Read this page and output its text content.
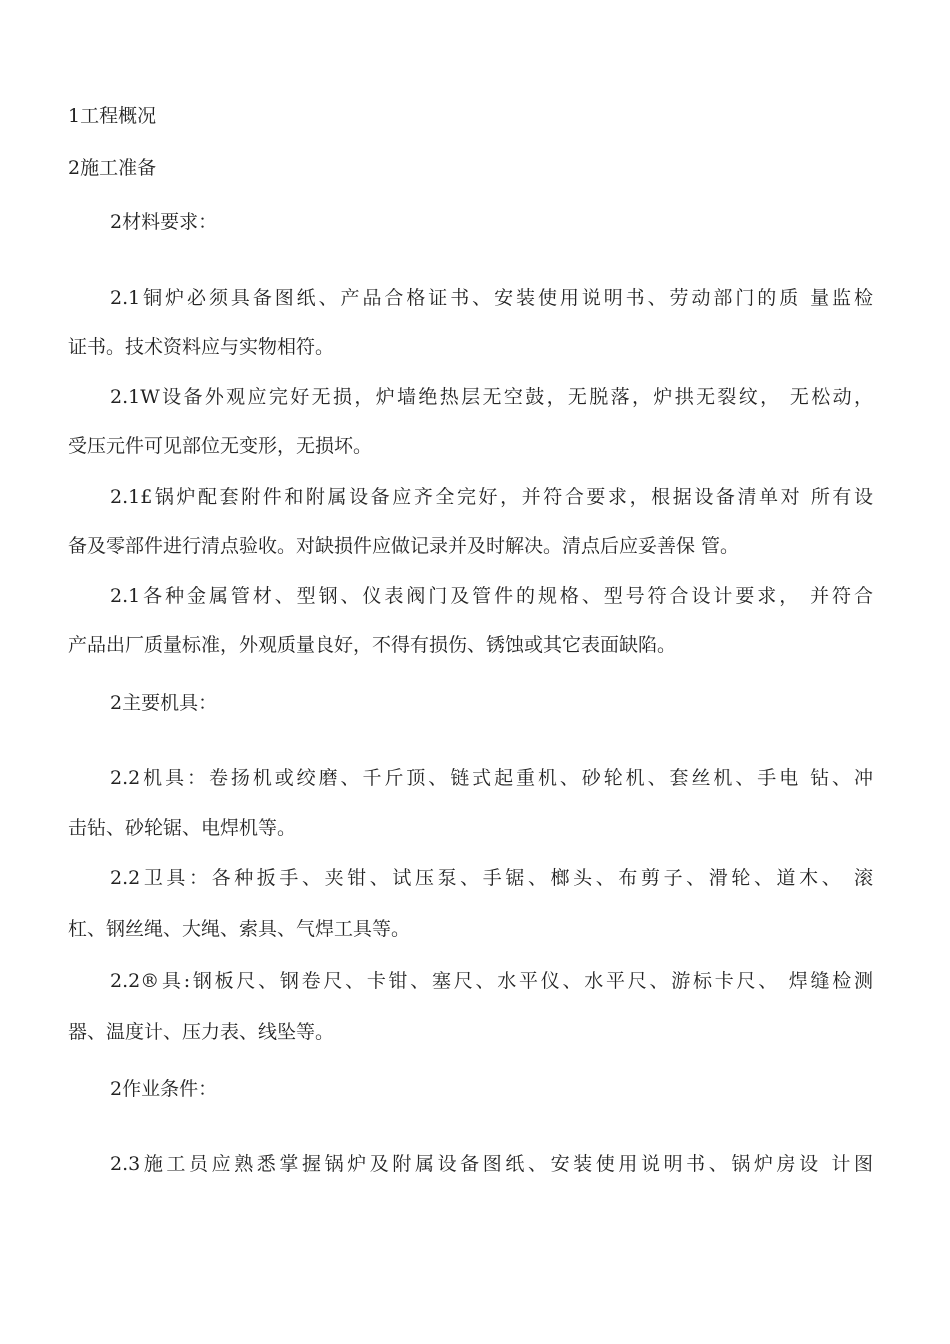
1工程概况
2施工准备
2材料要求：
2.1铜炉必须具备图纸、产品合格证书、安装使用说明书、劳动部门的质 量监检
证书。技术资料应与实物相符。
2.1W设备外观应完好无损，炉墙绝热层无空鼓，无脱落，炉拱无裂纹， 无松动，
受压元件可见部位无变形，无损坏。
2.1£锅炉配套附件和附属设备应齐全完好，并符合要求，根据设备清单对 所有设
备及零部件进行清点验收。对缺损件应做记录并及时解决。清点后应妥善保 管。
2.1各种金属管材、型钢、仪表阀门及管件的规格、型号符合设计要求， 并符合
产品出厂质量标准，外观质量良好，不得有损伤、锈蚀或其它表面缺陷。
2主要机具：
2.2机具：卷扬机或绞磨、千斤顶、链式起重机、砂轮机、套丝机、手电 钻、冲
击钻、砂轮锯、电焊机等。
2.2卫具：各种扳手、夹钳、试压泵、手锯、榔头、布剪子、滑轮、道木、 滚
杠、钢丝绳、大绳、索具、气焊工具等。
2.2®具:钢板尺、钢卷尺、卡钳、塞尺、水平仪、水平尺、游标卡尺、 焊缝检测
器、温度计、压力表、线坠等。
2作业条件：
2.3施工员应熟悉掌握锅炉及附属设备图纸、安装使用说明书、锅炉房设 计图
